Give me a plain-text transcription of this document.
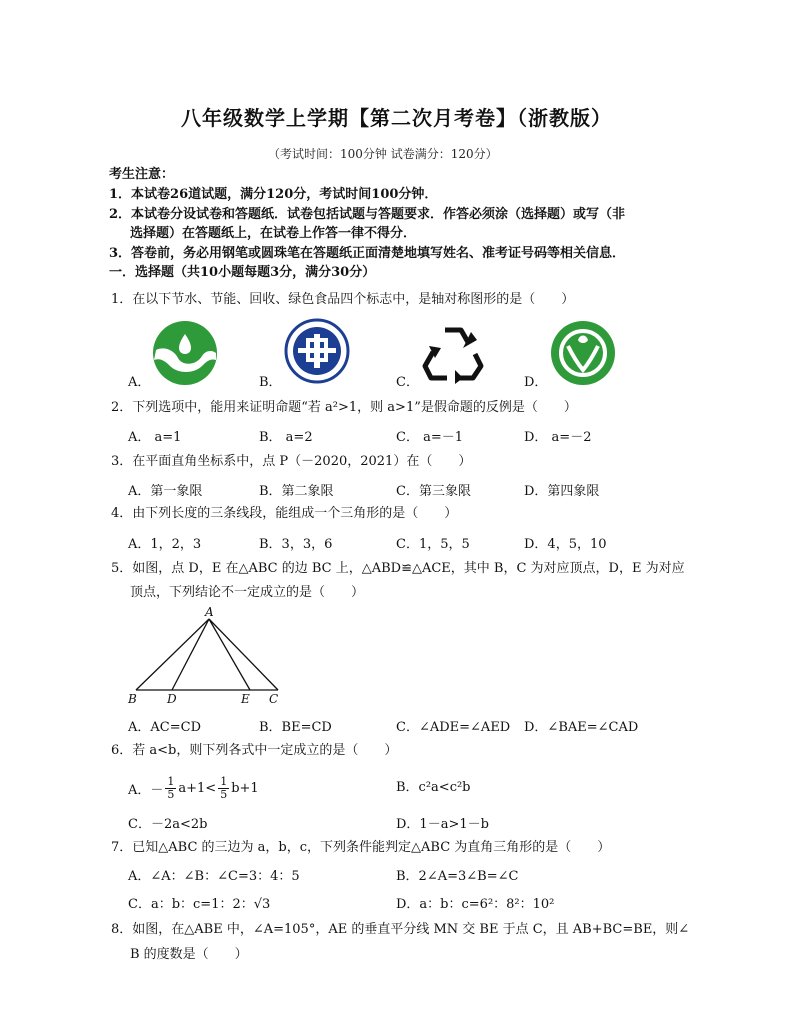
八年级数学上学期【第二次月考卷】（浙教版）
（考试时间：100分钟 试卷满分：120分）
考生注意：
1．本试卷26道试题，满分120分，考试时间100分钟．
2．本试卷分设试卷和答题纸．试卷包括试题与答题要求．作答必须涂（选择题）或写（非
选择题）在答题纸上，在试卷上作答一律不得分．
3．答卷前，务必用钢笔或圆珠笔在答题纸正面清楚地填写姓名、准考证号码等相关信息．
一．选择题（共10小题每题3分，满分30分）
1．在以下节水、节能、回收、绿色食品四个标志中，是轴对称图形的是（　　）
A．	B．	C．	D．
2．下列选项中，能用来证明命题“若 a²>1，则 a>1”是假命题的反例是（　　）
A． a=1	B． a=2	C． a=－1	D． a=－2
3．在平面直角坐标系中，点 P（－2020，2021）在（　　）
A．第一象限	B．第二象限	C．第三象限	D．第四象限
4．由下列长度的三条线段，能组成一个三角形的是（　　）
A．1，2，3	B．3，3，6	C．1，5，5	D．4，5，10
5．如图，点 D，E 在△ABC 的边 BC 上，△ABD≌△ACE，其中 B，C 为对应顶点，D，E 为对应
顶点，下列结论不一定成立的是（　　）
A
B	D	E C
A．AC=CD	B．BE=CD	C．∠ADE=∠AED D．∠BAE=∠CAD
6．若 a<b，则下列各式中一定成立的是（　　）
A．－ $\frac{1}{5} a+1< \frac{1}{5} b+1$	B．c²a<c²b
C．－2a<2b	D．1－a>1－b
7．已知△ABC 的三边为 a，b，c，下列条件能判定△ABC 为直角三角形的是（　　）
A．∠A：∠B：∠C=3：4：5	B．2∠A=3∠B=∠C
C．a：b：c=1：2：√3	D．a：b：c=6²：8²：10²
8．如图，在△ABE 中，∠A=105°，AE 的垂直平分线 MN 交 BE 于点 C，且 AB+BC=BE，则∠
B 的度数是（　　）
